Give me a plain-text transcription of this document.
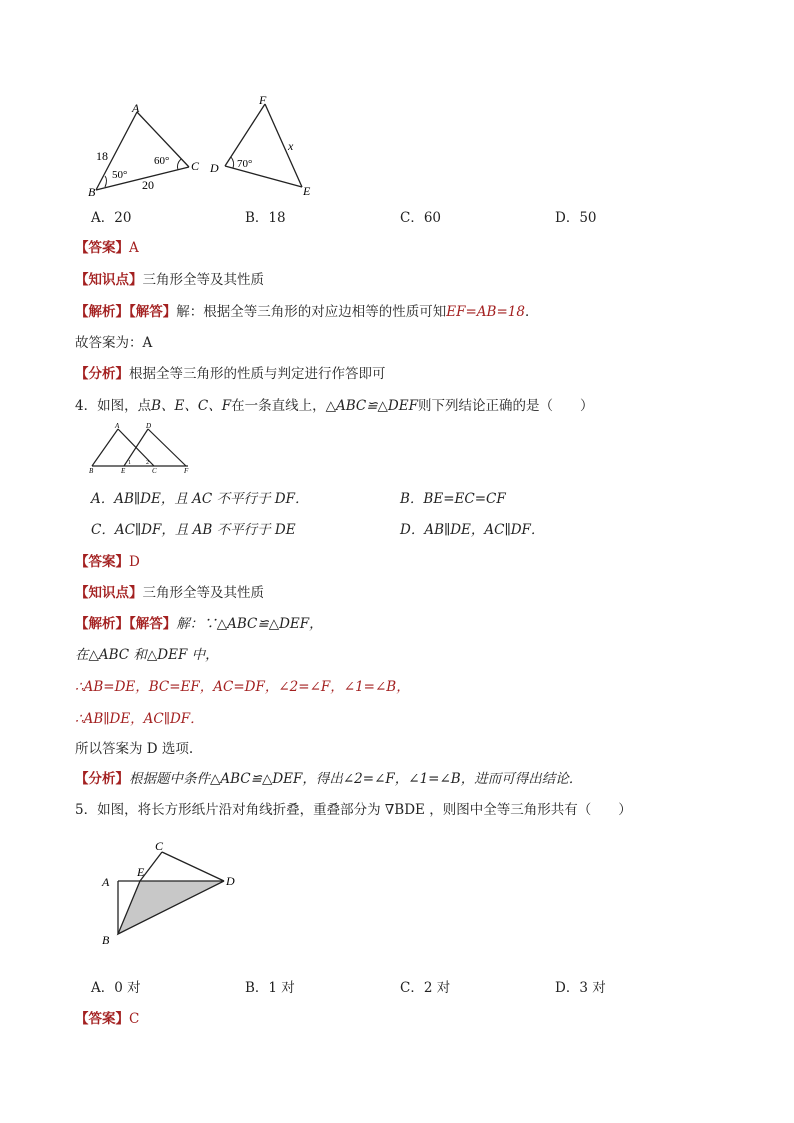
A
B
C
18
20
50°
60°
F
D
E
x
70°
A．20	B．18	C．60	D．50
【答案】A
【知识点】三角形全等及其性质
【解析】【解答】解：根据全等三角形的对应边相等的性质可知EF=AB=18．
故答案为：A
【分析】根据全等三角形的性质与判定进行作答即可
4．如图，点B、E、C、F在一条直线上，△ABC≌△DEF则下列结论正确的是（　　）
A	D
B	E	C	F
1	2
A．AB∥DE，且 AC 不平行于 DF．	B．BE=EC=CF
C．AC∥DF，且 AB 不平行于 DE	D．AB∥DE，AC∥DF．
【答案】D
【知识点】三角形全等及其性质
【解析】【解答】解：∵△ABC≌△DEF，
在△ABC 和△DEF 中，
∴AB=DE，BC=EF，AC=DF，∠2=∠F，∠1=∠B，
∴AB∥DE，AC∥DF．
所以答案为 D 选项.
【分析】根据题中条件△ABC≌△DEF，得出∠2=∠F，∠1=∠B，进而可得出结论．
5．如图，将长方形纸片沿对角线折叠，重叠部分为 ∇BDE ，则图中全等三角形共有（　　）
A
B
C
D
E
A．0 对	B．1 对	C．2 对	D．3 对
【答案】C
